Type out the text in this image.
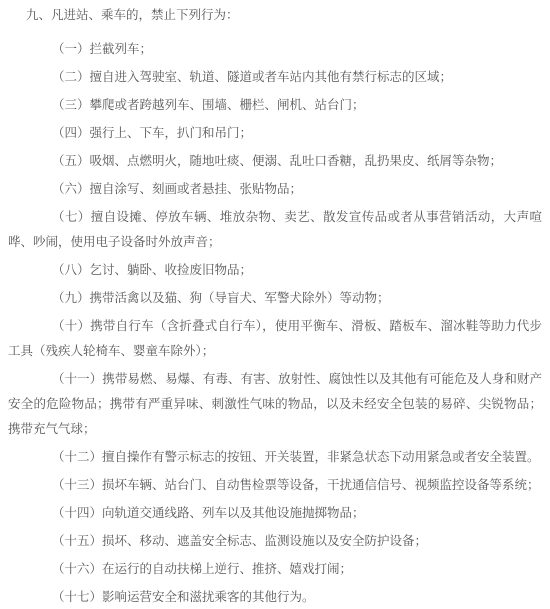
九、凡进站、乘车的，禁止下列行为：

（一）拦截列车；

（二）擅自进入驾驶室、轨道、隧道或者车站内其他有禁行标志的区域；

（三）攀爬或者跨越列车、围墙、栅栏、闸机、站台门；

（四）强行上、下车，扒门和吊门；

（五）吸烟、点燃明火，随地吐痰、便溺、乱吐口香糖，乱扔果皮、纸屑等杂物；

（六）擅自涂写、刻画或者悬挂、张贴物品；

（七）擅自设摊、停放车辆、堆放杂物、卖艺、散发宣传品或者从事营销活动，大声喧哗、吵闹，使用电子设备时外放声音；

（八）乞讨、躺卧、收捡废旧物品；

（九）携带活禽以及猫、狗（导盲犬、军警犬除外）等动物；

（十）携带自行车（含折叠式自行车），使用平衡车、滑板、踏板车、溜冰鞋等助力代步工具（残疾人轮椅车、婴童车除外）；

（十一）携带易燃、易爆、有毒、有害、放射性、腐蚀性以及其他有可能危及人身和财产安全的危险物品；携带有严重异味、刺激性气味的物品，以及未经安全包装的易碎、尖锐物品；携带充气气球；

（十二）擅自操作有警示标志的按钮、开关装置，非紧急状态下动用紧急或者安全装置。

（十三）损坏车辆、站台门、自动售检票等设备，干扰通信信号、视频监控设备等系统；

（十四）向轨道交通线路、列车以及其他设施抛掷物品；

（十五）损坏、移动、遮盖安全标志、监测设施以及安全防护设备；

（十六）在运行的自动扶梯上逆行、推挤、嬉戏打闹；

（十七）影响运营安全和滋扰乘客的其他行为。
